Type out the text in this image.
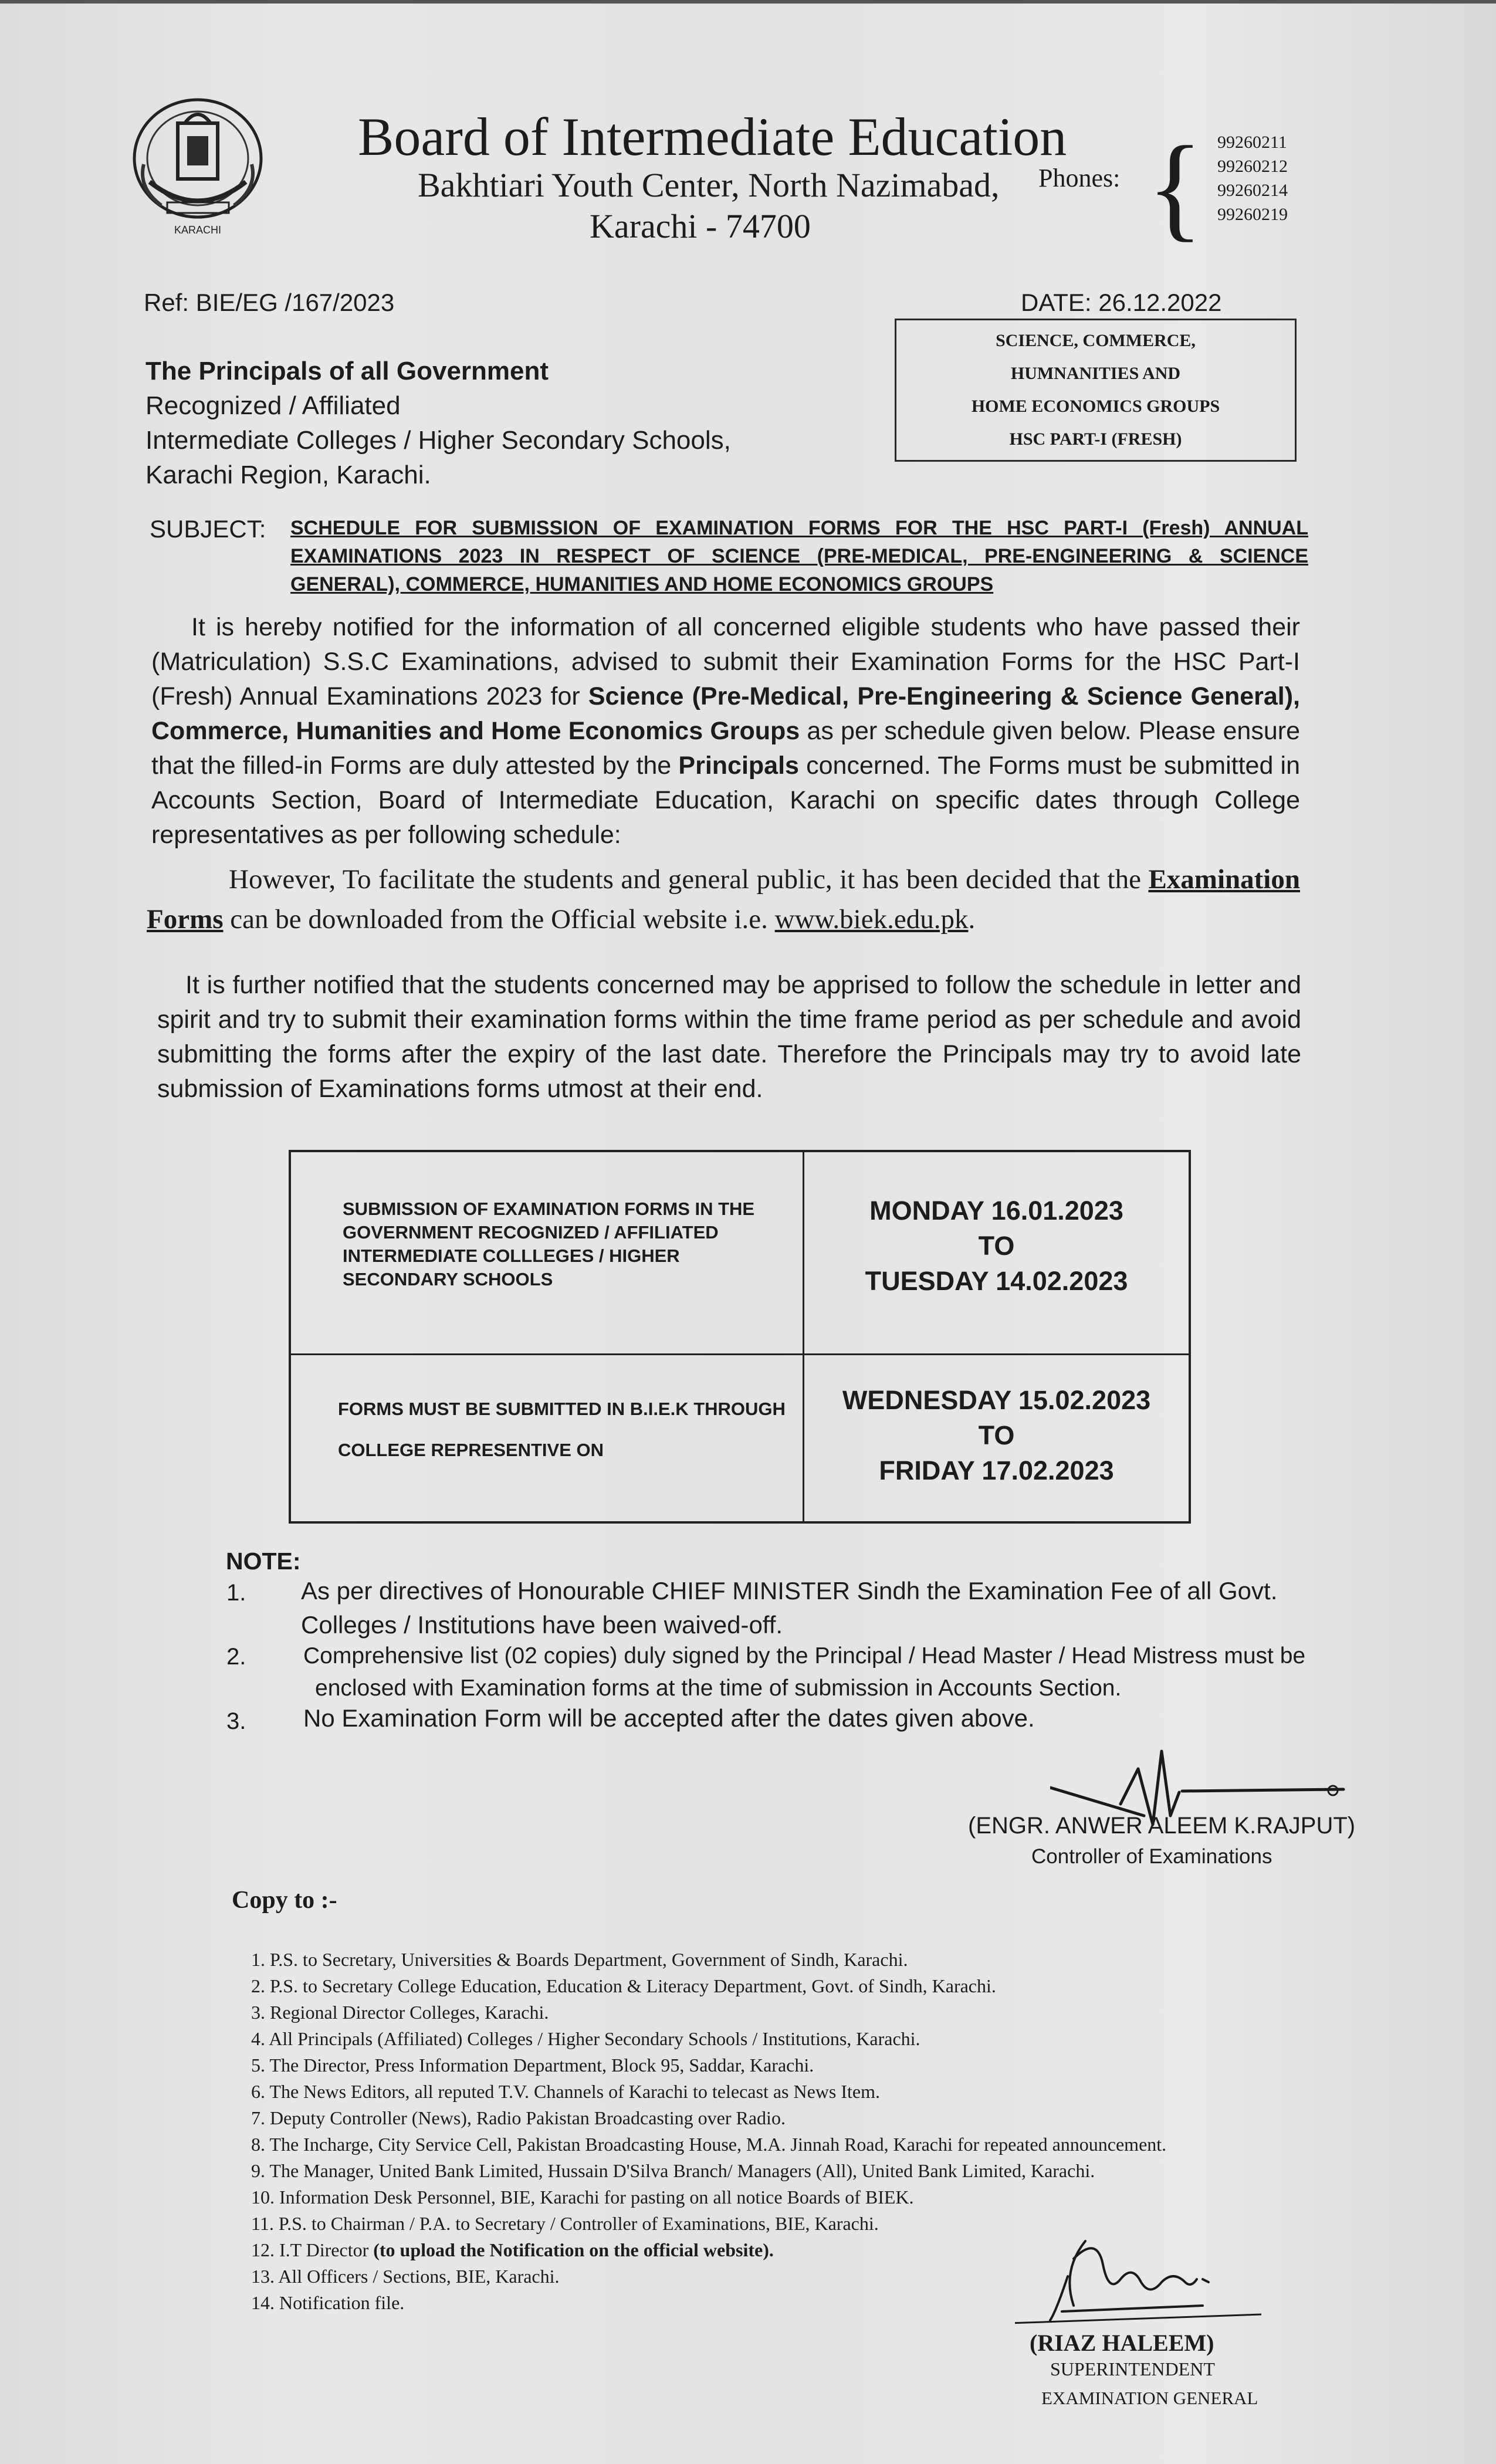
KARACHI
Board of Intermediate Education
Bakhtiari Youth Center, North Nazimabad,
Karachi - 74700
Phones: { 99260211
99260212
99260214
99260219
Ref: BIE/EG /167/2023	DATE: 26.12.2022
SCIENCE, COMMERCE,
HUMNANITIES AND
HOME ECONOMICS GROUPS
HSC PART-I (FRESH)
The Principals of all Government
Recognized / Affiliated
Intermediate Colleges / Higher Secondary Schools,
Karachi Region, Karachi.
SUBJECT: SCHEDULE FOR SUBMISSION OF EXAMINATION FORMS FOR THE HSC PART-I (Fresh) ANNUAL EXAMINATIONS 2023 IN RESPECT OF SCIENCE (PRE-MEDICAL, PRE-ENGINEERING & SCIENCE GENERAL), COMMERCE, HUMANITIES AND HOME ECONOMICS GROUPS
It is hereby notified for the information of all concerned eligible students who have passed their (Matriculation) S.S.C Examinations, advised to submit their Examination Forms for the HSC Part-I (Fresh) Annual Examinations 2023 for Science (Pre-Medical, Pre-Engineering & Science General), Commerce, Humanities and Home Economics Groups as per schedule given below. Please ensure that the filled-in Forms are duly attested by the Principals concerned. The Forms must be submitted in Accounts Section, Board of Intermediate Education, Karachi on specific dates through College representatives as per following schedule:
However, To facilitate the students and general public, it has been decided that the Examination Forms can be downloaded from the Official website i.e. www.biek.edu.pk.
It is further notified that the students concerned may be apprised to follow the schedule in letter and spirit and try to submit their examination forms within the time frame period as per schedule and avoid submitting the forms after the expiry of the last date. Therefore the Principals may try to avoid late submission of Examinations forms utmost at their end.
SUBMISSION OF EXAMINATION FORMS IN THE
GOVERNMENT RECOGNIZED / AFFILIATED
INTERMEDIATE COLLLEGES / HIGHER
SECONDARY SCHOOLS
MONDAY 16.01.2023
TO
TUESDAY 14.02.2023
FORMS MUST BE SUBMITTED IN B.I.E.K THROUGH
COLLEGE REPRESENTIVE ON
WEDNESDAY 15.02.2023
TO
FRIDAY 17.02.2023
NOTE:
1. As per directives of Honourable CHIEF MINISTER Sindh the Examination Fee of all Govt.
Colleges / Institutions have been waived-off.
2.	Comprehensive list (02 copies) duly signed by the Principal / Head Master / Head Mistress must be
enclosed with Examination forms at the time of submission in Accounts Section.
3. No Examination Form will be accepted after the dates given above.
(ENGR. ANWER ALEEM K.RAJPUT)
Controller of Examinations
Copy to :-
1. P.S. to Secretary, Universities & Boards Department, Government of Sindh, Karachi.
2. P.S. to Secretary College Education, Education & Literacy Department, Govt. of Sindh, Karachi.
3. Regional Director Colleges, Karachi.
4. All Principals (Affiliated) Colleges / Higher Secondary Schools / Institutions, Karachi.
5. The Director, Press Information Department, Block 95, Saddar, Karachi.
6. The News Editors, all reputed T.V. Channels of Karachi to telecast as News Item.
7. Deputy Controller (News), Radio Pakistan Broadcasting over Radio.
8. The Incharge, City Service Cell, Pakistan Broadcasting House, M.A. Jinnah Road, Karachi for repeated announcement.
9. The Manager, United Bank Limited, Hussain D'Silva Branch/ Managers (All), United Bank Limited, Karachi.
10. Information Desk Personnel, BIE, Karachi for pasting on all notice Boards of BIEK.
11. P.S. to Chairman / P.A. to Secretary / Controller of Examinations, BIE, Karachi.
12. I.T Director (to upload the Notification on the official website).
13. All Officers / Sections, BIE, Karachi.
14. Notification file.
(RIAZ HALEEM)
SUPERINTENDENT
EXAMINATION GENERAL
